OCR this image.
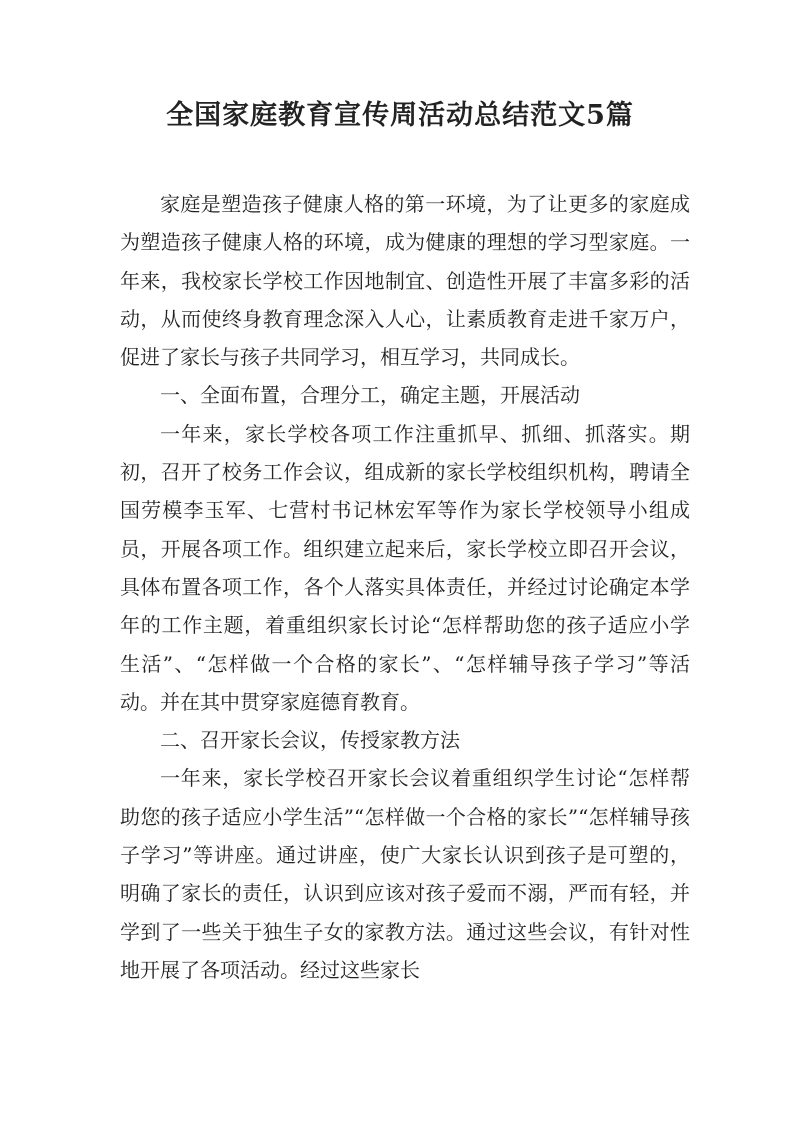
全国家庭教育宣传周活动总结范文5篇

家庭是塑造孩子健康人格的第一环境，为了让更多的家庭成为塑造孩子健康人格的环境，成为健康的理想的学习型家庭。一年来，我校家长学校工作因地制宜、创造性开展了丰富多彩的活动，从而使终身教育理念深入人心，让素质教育走进千家万户，促进了家长与孩子共同学习，相互学习，共同成长。

一、全面布置，合理分工，确定主题，开展活动

一年来，家长学校各项工作注重抓早、抓细、抓落实。期初，召开了校务工作会议，组成新的家长学校组织机构，聘请全国劳模李玉军、七营村书记林宏军等作为家长学校领导小组成员，开展各项工作。组织建立起来后，家长学校立即召开会议，具体布置各项工作，各个人落实具体责任，并经过讨论确定本学年的工作主题，着重组织家长讨论“怎样帮助您的孩子适应小学生活”、“怎样做一个合格的家长”、“怎样辅导孩子学习”等活动。并在其中贯穿家庭德育教育。

二、召开家长会议，传授家教方法

一年来，家长学校召开家长会议着重组织学生讨论“怎样帮助您的孩子适应小学生活”“怎样做一个合格的家长”“怎样辅导孩子学习”等讲座。通过讲座，使广大家长认识到孩子是可塑的，明确了家长的责任，认识到应该对孩子爱而不溺，严而有轻，并学到了一些关于独生子女的家教方法。通过这些会议，有针对性地开展了各项活动。经过这些家长
